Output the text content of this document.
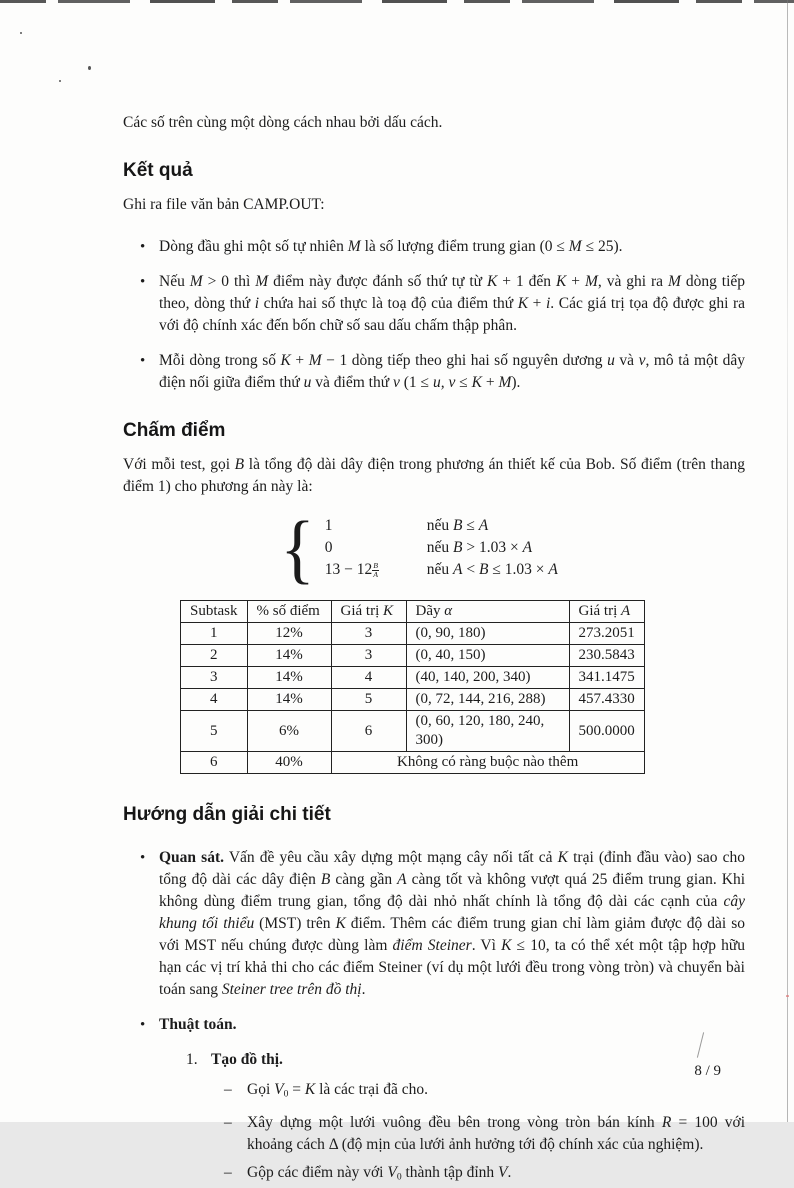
Các số trên cùng một dòng cách nhau bởi dấu cách.

Kết quả

Ghi ra file văn bản CAMP.OUT:

• Dòng đầu ghi một số tự nhiên M là số lượng điểm trung gian (0 ≤ M ≤ 25).
• Nếu M > 0 thì M điểm này được đánh số thứ tự từ K + 1 đến K + M, và ghi ra M dòng tiếp theo, dòng thứ i chứa hai số thực là toạ độ của điểm thứ K + i. Các giá trị tọa độ được ghi ra với độ chính xác đến bốn chữ số sau dấu chấm thập phân.
• Mỗi dòng trong số K + M − 1 dòng tiếp theo ghi hai số nguyên dương u và v, mô tả một dây điện nối giữa điểm thứ u và điểm thứ v (1 ≤ u, v ≤ K + M).
Chấm điểm

Với mỗi test, gọi B là tổng độ dài dây điện trong phương án thiết kế của Bob. Số điểm (trên thang điểm 1) cho phương án này là:

{ 1	nếu B ≤ A
0	nếu B > 1.03 × A
$13 - 12 \frac{B}{A}$	nếu A < B ≤ 1.03 × A
Subtask	% số điểm	Giá trị K	Dãy α	Giá trị A
1	12%	3	(0, 90, 180)	273.2051
2	14%	3	(0, 40, 150)	230.5843
3	14%	4	(40, 140, 200, 340)	341.1475
4	14%	5	(0, 72, 144, 216, 288)	457.4330
5	6%	6	(0, 60, 120, 180, 240, 300)	500.0000
6	40%	Không có ràng buộc nào thêm		
Hướng dẫn giải chi tiết
• Quan sát. Vấn đề yêu cầu xây dựng một mạng cây nối tất cả K trại (đỉnh đầu vào) sao cho tổng độ dài các dây điện B càng gần A càng tốt và không vượt quá 25 điểm trung gian. Khi không dùng điểm trung gian, tổng độ dài nhỏ nhất chính là tổng độ dài các cạnh của cây khung tối thiểu (MST) trên K điểm. Thêm các điểm trung gian chỉ làm giảm được độ dài so với MST nếu chúng được dùng làm điểm Steiner. Vì K ≤ 10, ta có thể xét một tập hợp hữu hạn các vị trí khả thi cho các điểm Steiner (ví dụ một lưới đều trong vòng tròn) và chuyển bài toán sang Steiner tree trên đồ thị.
• Thuật toán.
1. Tạo đồ thị.
– Gọi V0 = K là các trại đã cho.
– Xây dựng một lưới vuông đều bên trong vòng tròn bán kính R = 100 với khoảng cách Δ (độ mịn của lưới ảnh hưởng tới độ chính xác của nghiệm).
– Gộp các điểm này với V0 thành tập đỉnh V.
8 / 9
